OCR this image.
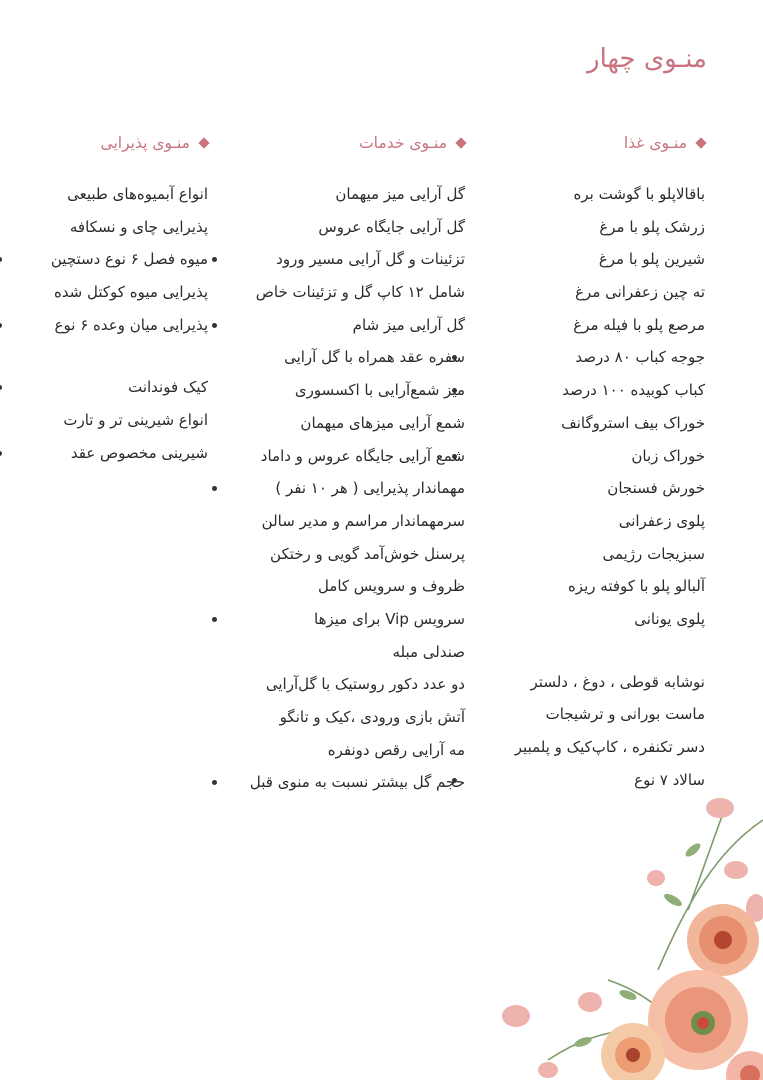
منـوی چهار
منـوی غذا
باقالاپلو با گوشت بره
زرشک پلو با مرغ
شیرین پلو با مرغ
ته چین زعفرانی مرغ
مرصع پلو با فیله مرغ
جوجه کباب ۸۰ درصد
کباب کوبیده ۱۰۰ درصد
خوراک بیف استروگانف
خوراک زبان
خورش فسنجان
پلوی زعفرانی
سبزیجات رژیمی
آلبالو پلو با کوفته ریزه
پلوی یونانی
نوشابه قوطی ، دوغ ، دلستر
ماست بورانی و ترشیجات
دسر تکنفره ، کاپ‌کیک و پلمبیر
سالاد ۷ نوع
منـوی خدمات
گل آرایی میز میهمان
گل آرایی جایگاه عروس
تزئینات و گل آرایی مسیر ورود
شامل ۱۲ کاپ گل و تزئینات خاص
گل آرایی میز شام
سفره عقد همراه با گل آرایی
میز شمع‌آرایی با اکسسوری
شمع آرایی میزهای میهمان
شمع آرایی جایگاه عروس و داماد
مهماندار پذیرایی ( هر ۱۰ نفر )
سرمهماندار مراسم و مدیر سالن
پرسنل خوش‌آمد گویی و رختکن
ظروف و سرویس کامل
سرویس Vip برای میزها
صندلی مبله
دو عدد دکور روستیک با گل‌آرایی
آتش بازی ورودی ،کیک و تانگو
مه آرایی رقص دونفره
حجم گل بیشتر نسبت به منوی قبل
منـوی پذیرایی
انواع آبمیوه‌های طبیعی
پذیرایی چای و نسکافه
میوه فصل ۶ نوع دستچین
پذیرایی میوه کوکتل شده
پذیرایی میان وعده ۶ نوع
کیک فوندانت
انواع شیرینی تر و تارت
شیرینی مخصوص عقد
